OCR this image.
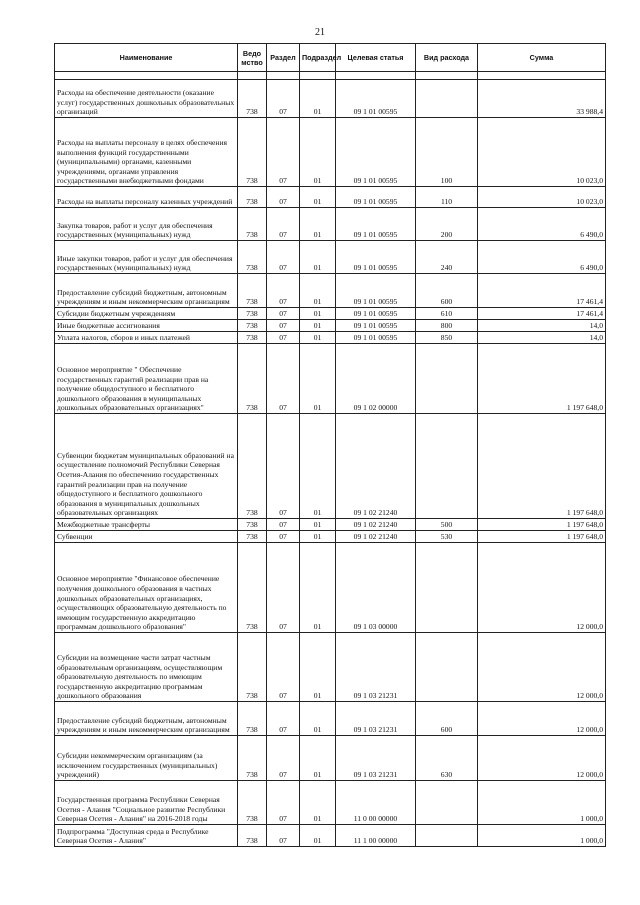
21
Наименование	Ведомство	Раздел	Подраздел	Целевая статья	Вид расхода	Сумма

Расходы на обеспечение деятельности (оказание услуг) государственных дошкольных образовательных организаций	738	07	01	09 1 01 00595		33 988,4
Расходы на выплаты персоналу в целях обеспечения выполнения функций государственными (муниципальными) органами, казенными учреждениями, органами управления государственными внебюджетными фондами	738	07	01	09 1 01 00595	100	10 023,0
Расходы на выплаты персоналу казенных учреждений	738	07	01	09 1 01 00595	110	10 023,0
Закупка товаров, работ и услуг для обеспечения государственных (муниципальных) нужд	738	07	01	09 1 01 00595	200	6 490,0
Иные закупки товаров, работ и услуг для обеспечения государственных (муниципальных) нужд	738	07	01	09 1 01 00595	240	6 490,0
Предоставление субсидий бюджетным, автономным учреждениям и иным некоммерческим организациям	738	07	01	09 1 01 00595	600	17 461,4
Субсидии бюджетным учреждениям	738	07	01	09 1 01 00595	610	17 461,4
Иные бюджетные ассигнования	738	07	01	09 1 01 00595	800	14,0
Уплата налогов, сборов и иных платежей	738	07	01	09 1 01 00595	850	14,0
Основное мероприятие " Обеспечение государственных гарантий реализации прав на получение общедоступного и бесплатного дошкольного образования в муниципальных дошкольных образовательных организациях"	738	07	01	09 1 02 00000		1 197 648,0
Субвенции бюджетам муниципальных образований на осуществление полномочий Республики Северная Осетия-Алания по обеспечению государственных гарантий реализации прав на получение общедоступного и бесплатного дошкольного образования в муниципальных дошкольных образовательных организациях	738	07	01	09 1 02 21240		1 197 648,0
Межбюджетные трансферты	738	07	01	09 1 02 21240	500	1 197 648,0
Субвенции	738	07	01	09 1 02 21240	530	1 197 648,0
Основное мероприятие "Финансовое обеспечение получения дошкольного образования в частных дошкольных образовательных организациях, осуществляющих образовательную деятельность по имеющим государственную аккредитацию программам дошкольного образования"	738	07	01	09 1 03 00000		12 000,0
Субсидии на возмещение части затрат частным образовательным организациям, осуществляющим образовательную деятельность по имеющим государственную аккредитацию программам дошкольного образования	738	07	01	09 1 03 21231		12 000,0
Предоставление субсидий бюджетным, автономным учреждениям и иным некоммерческим организациям	738	07	01	09 1 03 21231	600	12 000,0
Субсидии некоммерческим организациям (за исключением государственных (муниципальных) учреждений)	738	07	01	09 1 03 21231	630	12 000,0
Государственная программа Республики Северная Осетия - Алания "Социальное развитие Республики Северная Осетия - Алания" на 2016-2018 годы	738	07	01	11 0 00 00000		1 000,0
Подпрограмма "Доступная среда в Республике Северная Осетия - Алания"	738	07	01	11 1 00 00000		1 000,0
